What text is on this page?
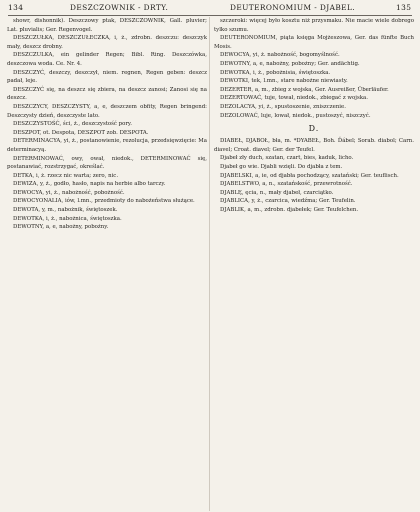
134	DESZCZOWNIK - DRTY.	DEUTERONOMIUM - DJABEL.	135

showr, dishonnik). Deszczowy ptak, DESZCZOWNIK, Gall. pluvier; Lat. pluvialis; Ger. Regenvogel.

DESZCZUŁKA, DESZCZUŁECZKA, i, ż., zdrobn. deszczu: deszczyk mały, deszcz drobny.

DESZCZULKA, ein gelinder Regen; Bibl. Ring. Deszczówka, deszczowa woda. Ce. Nr. 4.

DESZCZYĆ, deszczy, deszczył, niem. regnen, Regen geben: deszcz padał, leje.

DESZCZYĆ się, na deszcz się zbiera, na deszcz zanosi; Zanosi się na deszcz.

DESZCZYCY, DESZCZYSTY, a, e, deszczem obfity, Regen bringend: Deszczysty dzień, deszczyste lato.

DESZCZYSTOŚĆ, ści, ż., deszczystość pory.

DESZPOT, ot. Despota, DESZPOT zob. DESPOTA.

DETERMINACYA, yi, ż., postanowienie, rezolucja, przedsięwzięcie: Ma determinacyą.

DETERMINOWAĆ, owy, ował, niedok., DETERMINOWAĆ się, postanawiać, rozstrzygać, określać.

DETKA, i, ż. rzecz nic warta; zero, nic.

DEWIZA, y, ż., godło, hasło, napis na herbie albo tarczy.

DEWOCYA, yi, ż., nabożność, pobożność.

DEWOCYONALIA, iów, l.mn., przedmioty do nabożeństwa służące.

DEWOTA, y, m., nabożnik, świętoszek.

DEWOTKA, i, ż., nabożnica, świętoszka.

DEWOTNY, a, e, nabożny, pobożny.

szczeroki: więcej było kosztu niż przysmaku. Nie macie wiele dobrego tylko szumu.

DEUTERONOMIUM, piąta księga Mojżeszowa, Ger. das fünfte Buch Mosis.

DEWOCYA, yi, ż. nabożność, bogomyślność.

DEWOTNY, a, e, nabożny, pobożny; Ger. andächtig.

DEWOTKA, i, ż., pobożnisia, świętoszka.

DEWOTKI, tek, l.mn., stare nabożne niewiasty.

DEZERTER, a, m., zbieg z wojska, Ger. Ausreißer, Überläufer.

DEZERTOWAĆ, tuje, tował, niedok., zbiegać z wojska.

DEZOLACYA, yi, ż., spustoszenie, zniszczenie.

DEZOLOWAĆ, luje, lował, niedok., pustoszyć, niszczyć.

D.

DIABEŁ, DJABOŁ, bła, m. *DYABEŁ, Boh. Ďábel; Sorab. diabol; Carn. diavel; Croat. diavel; Ger. der Teufel.

Djabeł zły duch, szatan, czart, bies, kaduk, licho.

Djabeł go wie. Djabli wzięli. Do djabła z tem.

DJABELSKI, a, ie, od djabła pochodzący, szatański; Ger. teuflisch.

DJABELSTWO, a, n., szatańskość, przewrotność.

DJABLĘ, ęcia, n., mały djabeł, czarciątko.

DJABLICA, y, ż., czarcica, wiedźma; Ger. Teufelin.

DJABLIK, a, m., zdrobn. djabełek; Ger. Teufelchen.
